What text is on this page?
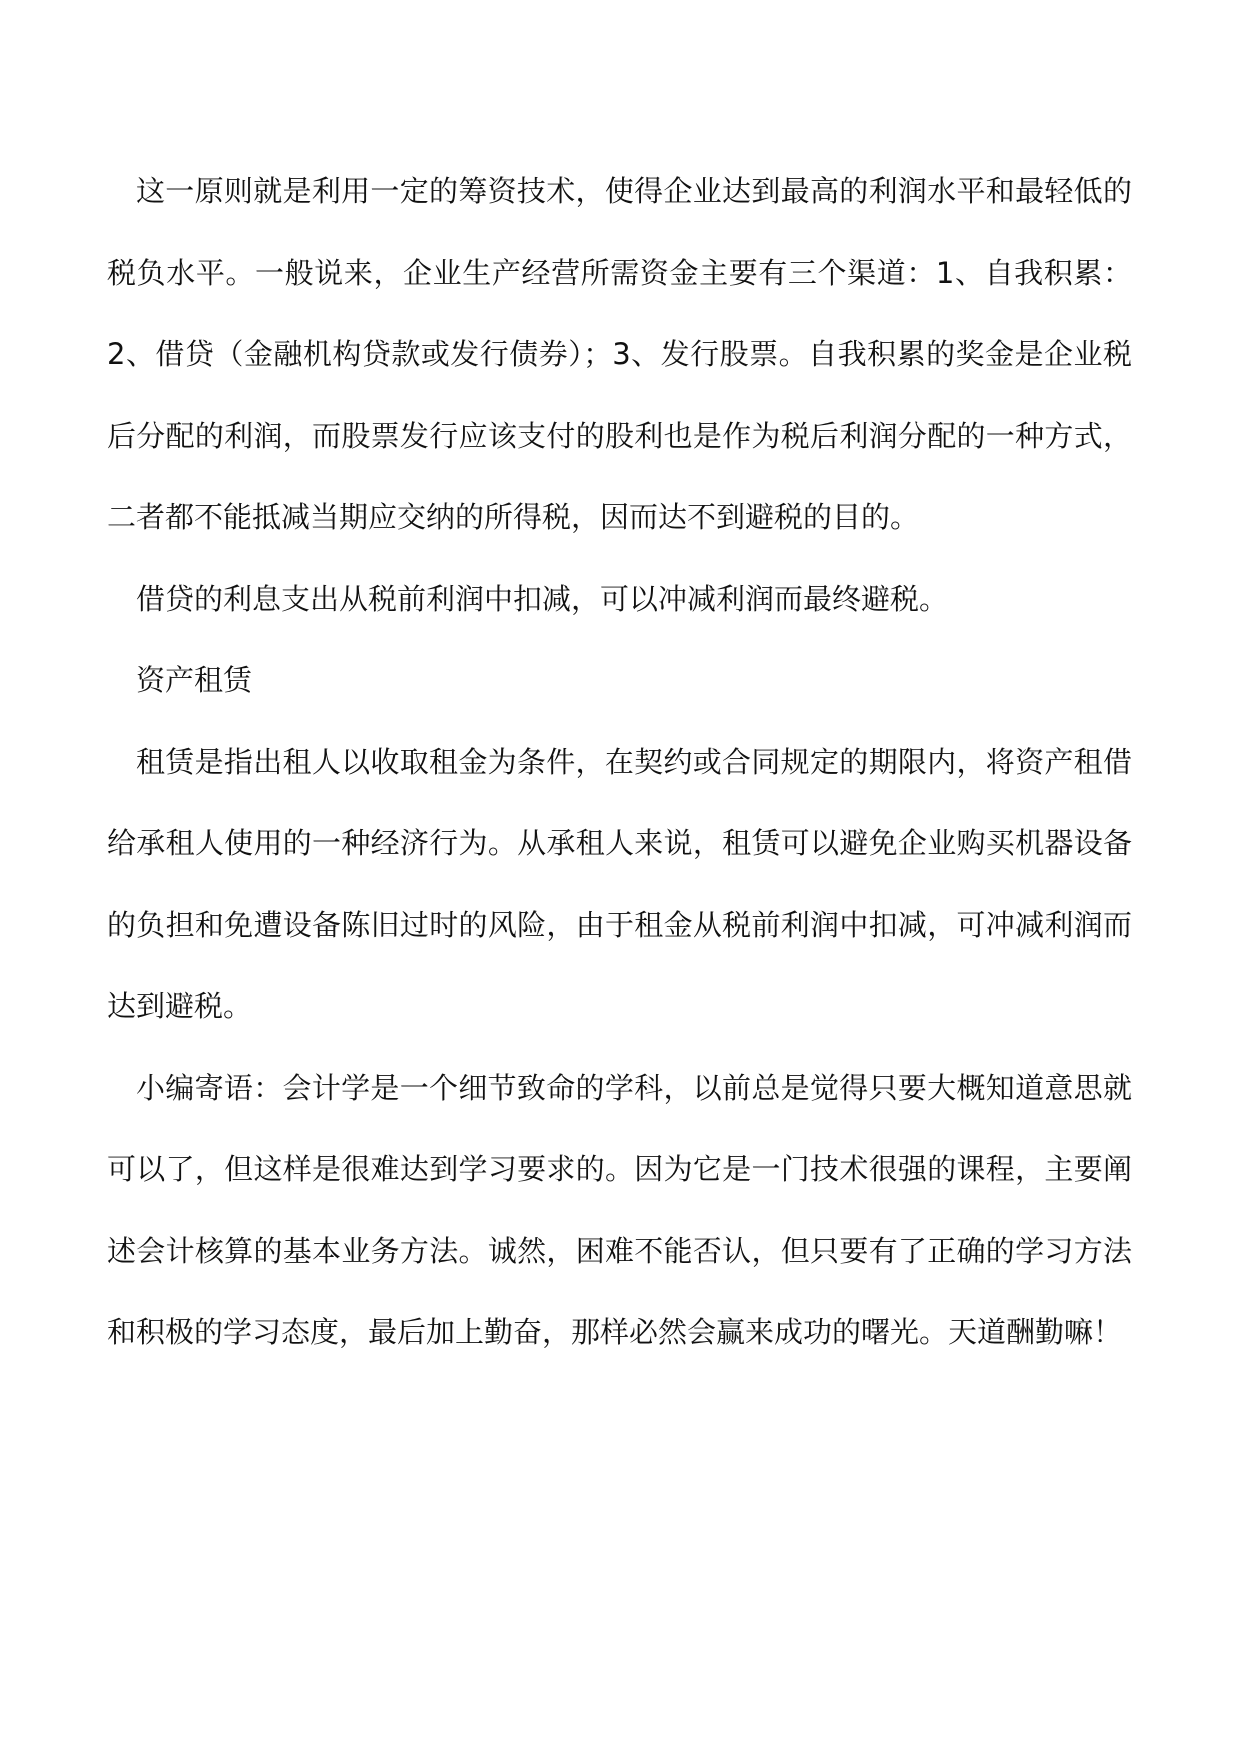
这一原则就是利用一定的筹资技术，使得企业达到最高的利润水平和最轻低的税负水平。一般说来，企业生产经营所需资金主要有三个渠道：1、自我积累：2、借贷（金融机构贷款或发行债券）；3、发行股票。自我积累的奖金是企业税后分配的利润，而股票发行应该支付的股利也是作为税后利润分配的一种方式，二者都不能抵减当期应交纳的所得税，因而达不到避税的目的。

借贷的利息支出从税前利润中扣减，可以冲减利润而最终避税。

资产租赁

租赁是指出租人以收取租金为条件，在契约或合同规定的期限内，将资产租借给承租人使用的一种经济行为。从承租人来说，租赁可以避免企业购买机器设备的负担和免遭设备陈旧过时的风险，由于租金从税前利润中扣减，可冲减利润而达到避税。

小编寄语：会计学是一个细节致命的学科，以前总是觉得只要大概知道意思就可以了，但这样是很难达到学习要求的。因为它是一门技术很强的课程，主要阐述会计核算的基本业务方法。诚然，困难不能否认，但只要有了正确的学习方法和积极的学习态度，最后加上勤奋，那样必然会赢来成功的曙光。天道酬勤嘛！
